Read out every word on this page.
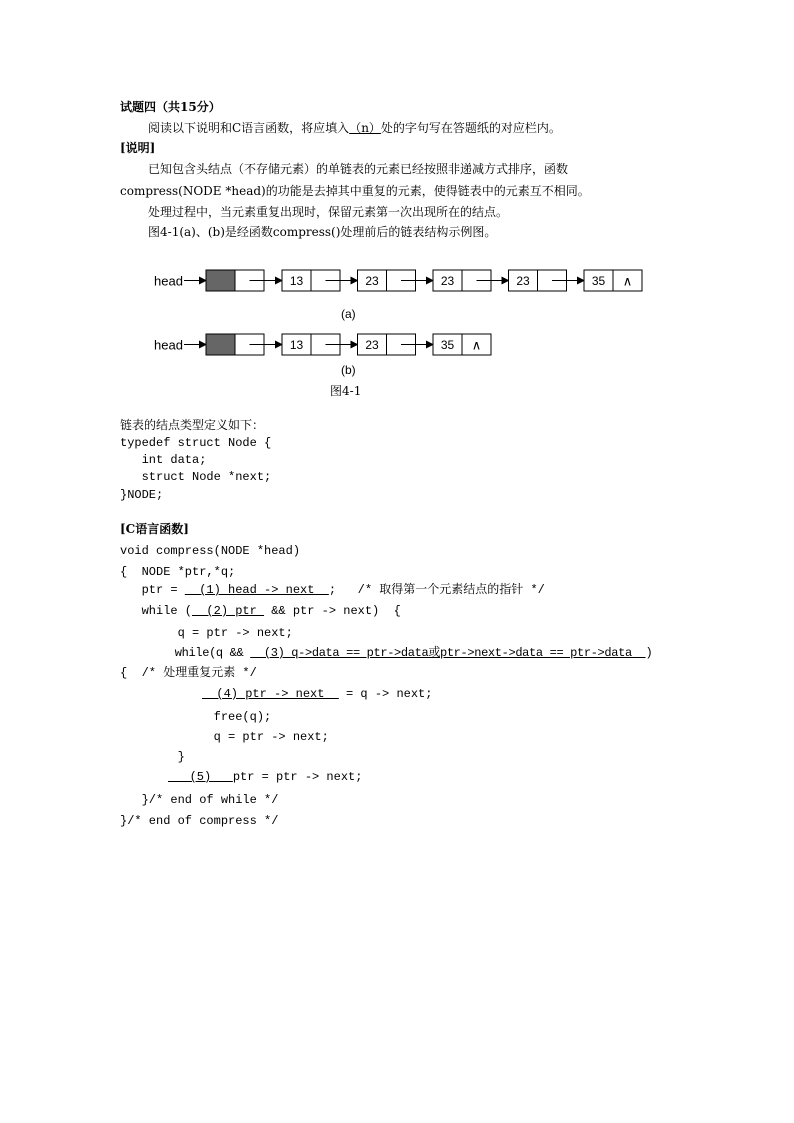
试题四（共15分）
阅读以下说明和C语言函数，将应填入（n）处的字句写在答题纸的对应栏内。
[说明]
已知包含头结点（不存储元素）的单链表的元素已经按照非递减方式排序，函数
compress(NODE *head)的功能是去掉其中重复的元素，使得链表中的元素互不相同。
处理过程中，当元素重复出现时，保留元素第一次出现所在的结点。
图4-1(a)、(b)是经函数compress()处理前后的链表结构示例图。
head	13	23	23	23	35 ∧
head	13	23	35 ∧
(a)
(b)
图4-1
链表的结点类型定义如下：
typedef struct Node {
int data;
struct Node *next;
}NODE;
[C语言函数]
void compress(NODE *head)
{  NODE *ptr,*q;
ptr =   (1) head -> next  ;   /* 取得第一个元素结点的指针 */
while (  (2) ptr  && ptr -> next)  {
q = ptr -> next;
while(q &&   (3) q->data == ptr->data或ptr->next->data == ptr->data  )
{  /* 处理重复元素 */
(4) ptr -> next   = q -> next;
free(q);
q = ptr -> next;
}
(5)   ptr = ptr -> next;
}/* end of while */
}/* end of compress */
